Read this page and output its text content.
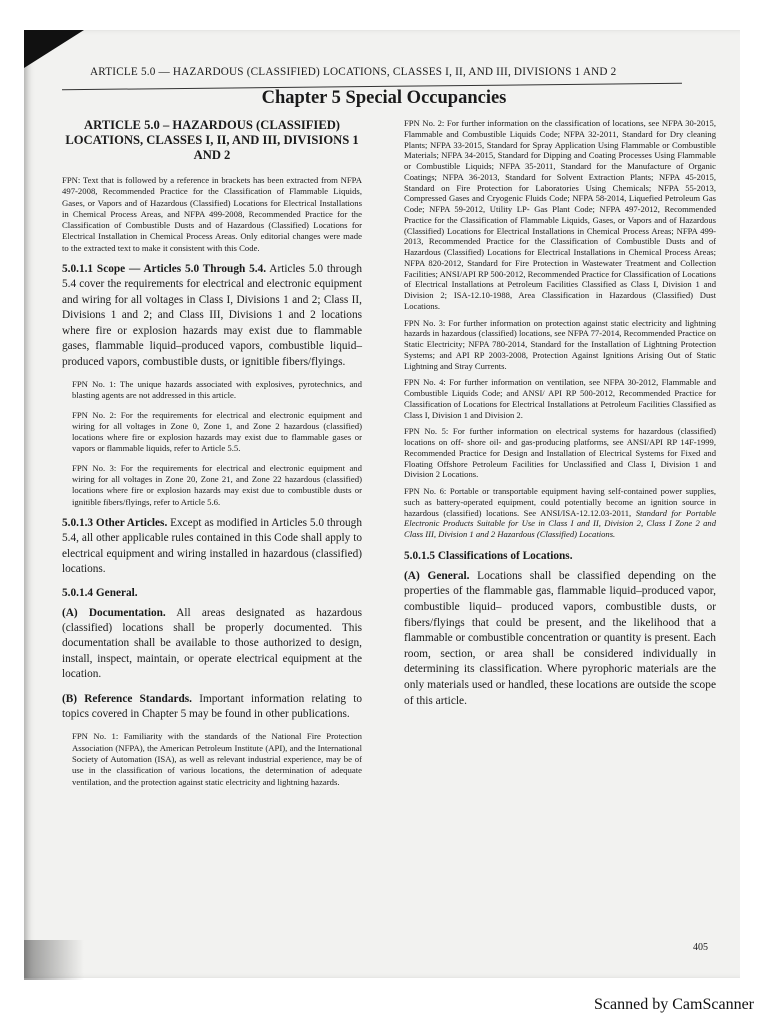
ARTICLE 5.0 — HAZARDOUS (CLASSIFIED) LOCATIONS, CLASSES I, II, AND III, DIVISIONS 1 AND 2
Chapter 5 Special Occupancies

ARTICLE 5.0 – HAZARDOUS (CLASSIFIED) LOCATIONS, CLASSES I, II, AND III, DIVISIONS 1 AND 2

FPN: Text that is followed by a reference in brackets has been extracted from NFPA 497-2008, Recommended Practice for the Classification of Flammable Liquids, Gases, or Vapors and of Hazardous (Classified) Locations for Electrical Installations in Chemical Process Areas, and NFPA 499-2008, Recommended Practice for the Classification of Combustible Dusts and of Hazardous (Classified) Locations for Electrical Installation in Chemical Process Areas. Only editorial changes were made to the extracted text to make it consistent with this Code.

5.0.1.1 Scope — Articles 5.0 Through 5.4. Articles 5.0 through 5.4 cover the requirements for electrical and electronic equipment and wiring for all voltages in Class I, Divisions 1 and 2; Class II, Divisions 1 and 2; and Class III, Divisions 1 and 2 locations where fire or explosion hazards may exist due to flammable gases, flammable liquid–produced vapors, combustible liquid–produced vapors, combustible dusts, or ignitible fibers/flyings.

FPN No. 1: The unique hazards associated with explosives, pyrotechnics, and blasting agents are not addressed in this article.

FPN No. 2: For the requirements for electrical and electronic equipment and wiring for all voltages in Zone 0, Zone 1, and Zone 2 hazardous (classified) locations where fire or explosion hazards may exist due to flammable gases or vapors or flammable liquids, refer to Article 5.5.

FPN No. 3: For the requirements for electrical and electronic equipment and wiring for all voltages in Zone 20, Zone 21, and Zone 22 hazardous (classified) locations where fire or explosion hazards may exist due to combustible dusts or ignitible fibers/flyings, refer to Article 5.6.

5.0.1.3 Other Articles. Except as modified in Articles 5.0 through 5.4, all other applicable rules contained in this Code shall apply to electrical equipment and wiring installed in hazardous (classified) locations.

5.0.1.4 General.

(A) Documentation. All areas designated as hazardous (classified) locations shall be properly documented. This documentation shall be available to those authorized to design, install, inspect, maintain, or operate electrical equipment at the location.

(B) Reference Standards. Important information relating to topics covered in Chapter 5 may be found in other publications.

FPN No. 1: Familiarity with the standards of the National Fire Protection Association (NFPA), the American Petroleum Institute (API), and the International Society of Automation (ISA), as well as relevant industrial experience, may be of use in the classification of various locations, the determination of adequate ventilation, and the protection against static electricity and lightning hazards.

FPN No. 2: For further information on the classification of locations, see NFPA 30-2015, Flammable and Combustible Liquids Code; NFPA 32-2011, Standard for Dry cleaning Plants; NFPA 33-2015, Standard for Spray Application Using Flammable or Combustible Materials; NFPA 34-2015, Standard for Dipping and Coating Processes Using Flammable or Combustible Liquids; NFPA 35-2011, Standard for the Manufacture of Organic Coatings; NFPA 36-2013, Standard for Solvent Extraction Plants; NFPA 45-2015, Standard on Fire Protection for Laboratories Using Chemicals; NFPA 55-2013, Compressed Gases and Cryogenic Fluids Code; NFPA 58-2014, Liquefied Petroleum Gas Code; NFPA 59-2012, Utility LP- Gas Plant Code; NFPA 497-2012, Recommended Practice for the Classification of Flammable Liquids, Gases, or Vapors and of Hazardous (Classified) Locations for Electrical Installations in Chemical Process Areas; NFPA 499-2013, Recommended Practice for the Classification of Combustible Dusts and of Hazardous (Classified) Locations for Electrical Installations in Chemical Process Areas; NFPA 820-2012, Standard for Fire Protection in Wastewater Treatment and Collection Facilities; ANSI/API RP 500-2012, Recommended Practice for Classification of Locations of Electrical Installations at Petroleum Facilities Classified as Class I, Division 1 and Division 2; ISA-12.10-1988, Area Classification in Hazardous (Classified) Dust Locations.

FPN No. 3: For further information on protection against static electricity and lightning hazards in hazardous (classified) locations, see NFPA 77-2014, Recommended Practice on Static Electricity; NFPA 780-2014, Standard for the Installation of Lightning Protection Systems; and API RP 2003-2008, Protection Against Ignitions Arising Out of Static Lightning and Stray Currents.

FPN No. 4: For further information on ventilation, see NFPA 30-2012, Flammable and Combustible Liquids Code; and ANSI/ API RP 500-2012, Recommended Practice for Classification of Locations for Electrical Installations at Petroleum Facilities Classified as Class I, Division 1 and Division 2.

FPN No. 5: For further information on electrical systems for hazardous (classified) locations on off- shore oil- and gas-producing platforms, see ANSI/API RP 14F-1999, Recommended Practice for Design and Installation of Electrical Systems for Fixed and Floating Offshore Petroleum Facilities for Unclassified and Class I, Division 1 and Division 2 Locations.

FPN No. 6: Portable or transportable equipment having self-contained power supplies, such as battery-operated equipment, could potentially become an ignition source in hazardous (classified) locations. See ANSI/ISA-12.12.03-2011, Standard for Portable Electronic Products Suitable for Use in Class I and II, Division 2, Class I Zone 2 and Class III, Division 1 and 2 Hazardous (Classified) Locations.

5.0.1.5 Classifications of Locations.

(A) General. Locations shall be classified depending on the properties of the flammable gas, flammable liquid–produced vapor, combustible liquid– produced vapors, combustible dusts, or fibers/flyings that could be present, and the likelihood that a flammable or combustible concentration or quantity is present. Each room, section, or area shall be considered individually in determining its classification. Where pyrophoric materials are the only materials used or handled, these locations are outside the scope of this article.

405
Scanned by CamScanner
